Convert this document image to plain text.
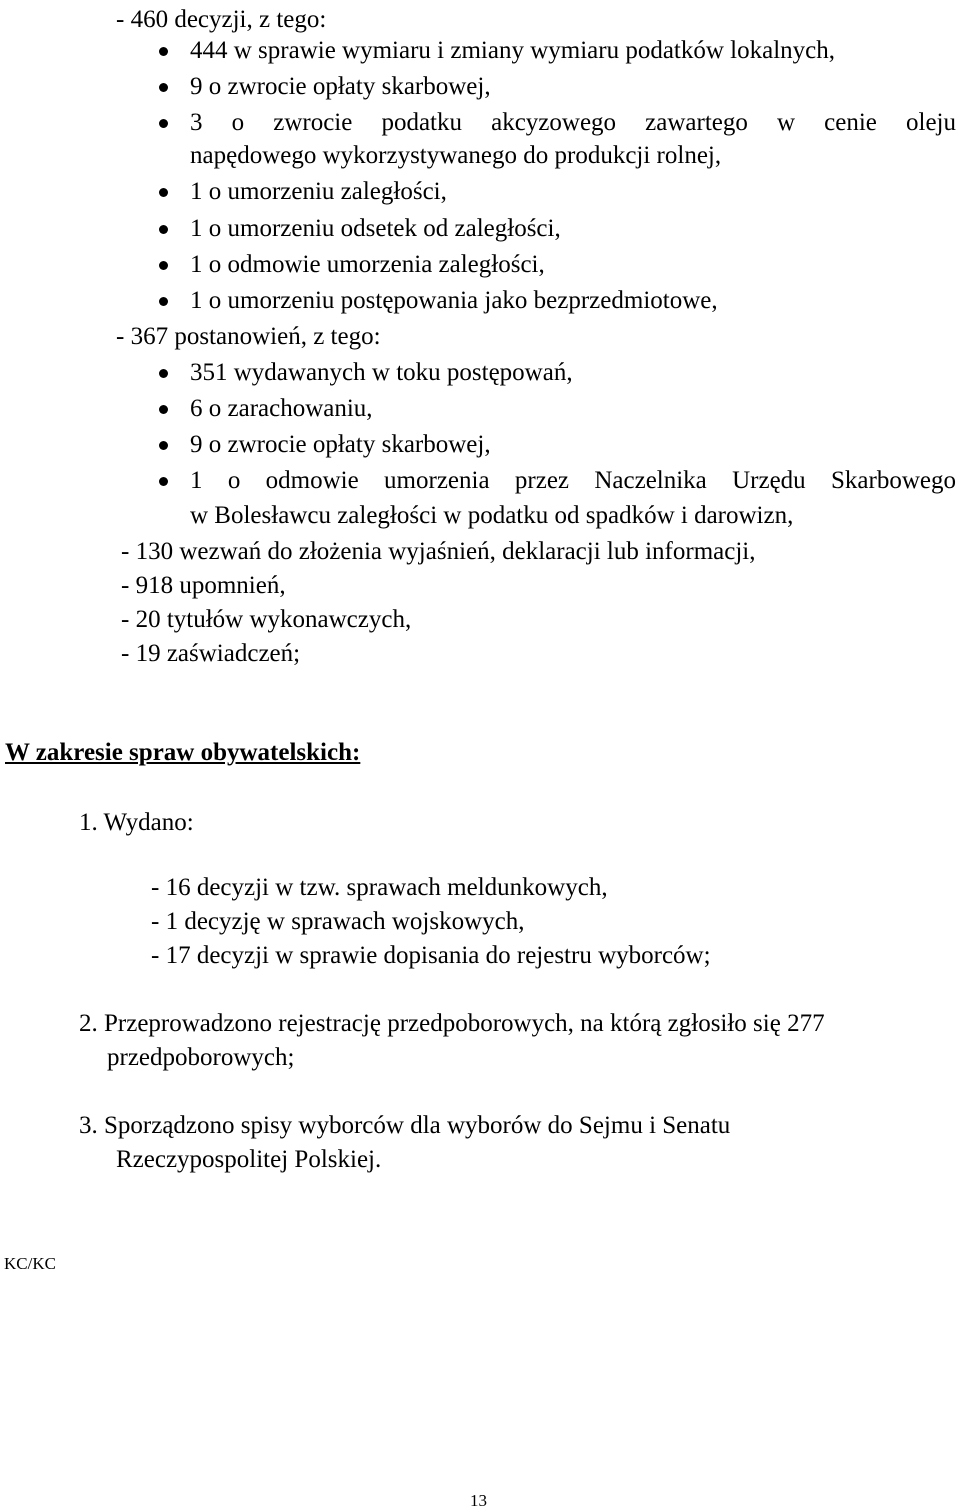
- 460 decyzji, z tego:
444 w sprawie wymiaru i zmiany wymiaru podatków lokalnych,
9 o zwrocie opłaty skarbowej,
3 o zwrocie podatku akcyzowego zawartego w cenie oleju
napędowego wykorzystywanego do produkcji rolnej,
1 o umorzeniu zaległości,
1 o umorzeniu odsetek od zaległości,
1 o odmowie umorzenia zaległości,
1 o umorzeniu postępowania jako bezprzedmiotowe,
- 367 postanowień, z tego:
351 wydawanych w toku postępowań,
6 o zarachowaniu,
9 o zwrocie opłaty skarbowej,
1 o odmowie umorzenia przez Naczelnika Urzędu Skarbowego
w Bolesławcu zaległości w podatku od spadków i darowizn,
- 130 wezwań do złożenia wyjaśnień, deklaracji lub informacji,
- 918 upomnień,
- 20 tytułów wykonawczych,
- 19 zaświadczeń;
W zakresie spraw obywatelskich:
1. Wydano:
- 16 decyzji w tzw. sprawach meldunkowych,
- 1 decyzję w sprawach wojskowych,
- 17 decyzji w sprawie dopisania do rejestru wyborców;
2. Przeprowadzono rejestrację przedpoborowych, na którą zgłosiło się 277
przedpoborowych;
3. Sporządzono spisy wyborców dla wyborów do Sejmu i Senatu
Rzeczypospolitej Polskiej.
KC/KC
13
